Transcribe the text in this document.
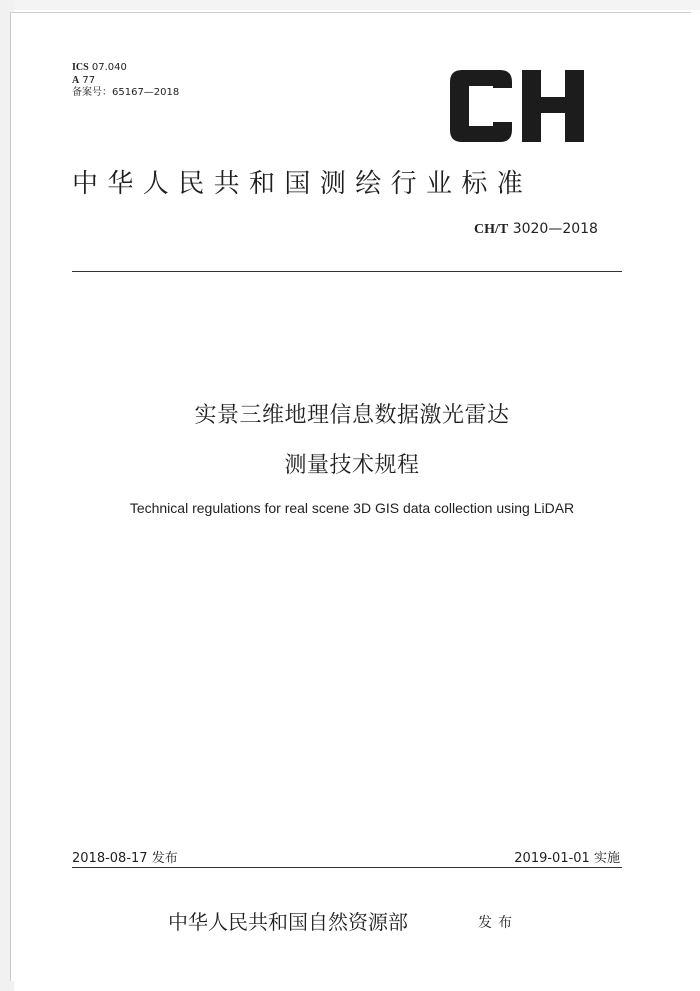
ICS 07.040
A 77
备案号：65167—2018
中华人民共和国测绘行业标准
CH/T 3020—2018
实景三维地理信息数据激光雷达
测量技术规程
Technical regulations for real scene 3D GIS data collection using LiDAR
2018-08-17 发布	2019-01-01 实施
中华人民共和国自然资源部	发布
